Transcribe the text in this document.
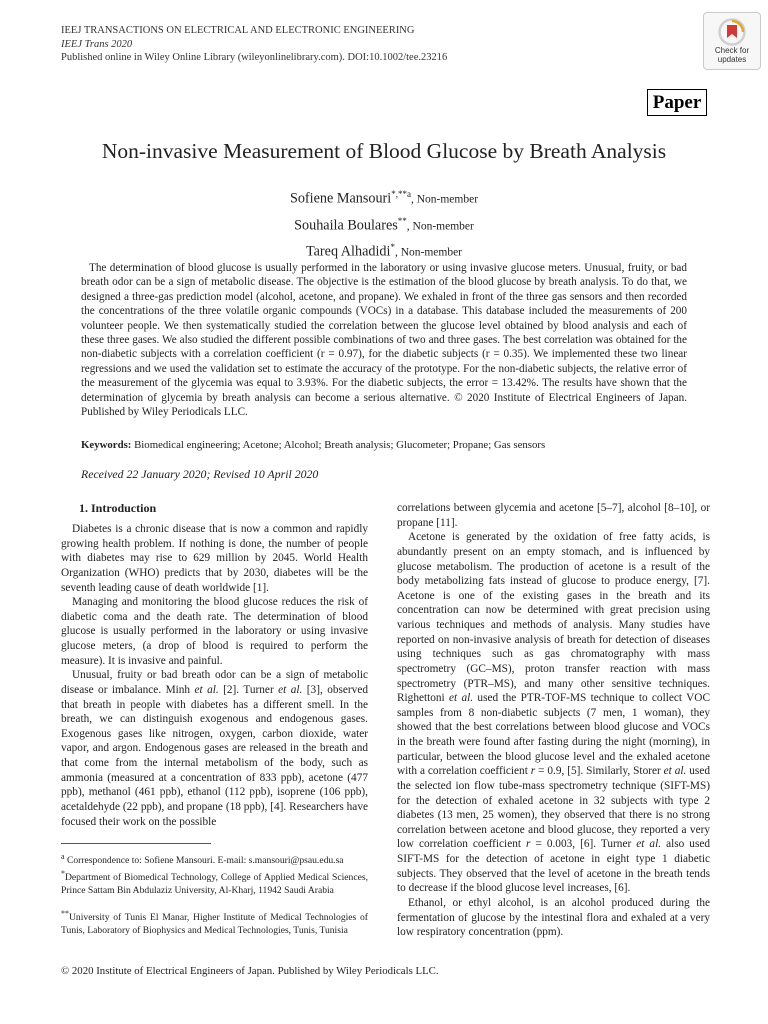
IEEJ TRANSACTIONS ON ELECTRICAL AND ELECTRONIC ENGINEERING
IEEJ Trans 2020
Published online in Wiley Online Library (wileyonlinelibrary.com). DOI:10.1002/tee.23216
Check for
updates
Paper
Non-invasive Measurement of Blood Glucose by Breath Analysis
Sofiene Mansouri$^{*,**a}$, Non-member
Souhaila Boulares**, Non-member
Tareq Alhadidi*, Non-member
The determination of blood glucose is usually performed in the laboratory or using invasive glucose meters. Unusual, fruity, or bad breath odor can be a sign of metabolic disease. The objective is the estimation of the blood glucose by breath analysis. To do that, we designed a three-gas prediction model (alcohol, acetone, and propane). We exhaled in front of the three gas sensors and then recorded the concentrations of the three volatile organic compounds (VOCs) in a database. This database included the measurements of 200 volunteer people. We then systematically studied the correlation between the glucose level obtained by blood analysis and each of these three gases. We also studied the different possible combinations of two and three gases. The best correlation was obtained for the non-diabetic subjects with a correlation coefficient (r = 0.97), for the diabetic subjects (r = 0.35). We implemented these two linear regressions and we used the validation set to estimate the accuracy of the prototype. For the non-diabetic subjects, the relative error of the measurement of the glycemia was equal to 3.93%. For the diabetic subjects, the error = 13.42%. The results have shown that the determination of glycemia by breath analysis can become a serious alternative. © 2020 Institute of Electrical Engineers of Japan. Published by Wiley Periodicals LLC.
Keywords: Biomedical engineering; Acetone; Alcohol; Breath analysis; Glucometer; Propane; Gas sensors
Received 22 January 2020; Revised 10 April 2020

1. Introduction

Diabetes is a chronic disease that is now a common and rapidly growing health problem. If nothing is done, the number of people with diabetes may rise to 629 million by 2045. World Health Organization (WHO) predicts that by 2030, diabetes will be the seventh leading cause of death worldwide [1].

Managing and monitoring the blood glucose reduces the risk of diabetic coma and the death rate. The determination of blood glucose is usually performed in the laboratory or using invasive glucose meters, (a drop of blood is required to perform the measure). It is invasive and painful.

Unusual, fruity or bad breath odor can be a sign of metabolic disease or imbalance. Minh et al. [2]. Turner et al. [3], observed that breath in people with diabetes has a different smell. In the breath, we can distinguish exogenous and endogenous gases. Exogenous gases like nitrogen, oxygen, carbon dioxide, water vapor, and argon. Endogenous gases are released in the breath and that come from the internal metabolism of the body, such as ammonia (measured at a concentration of 833 ppb), acetone (477 ppb), methanol (461 ppb), ethanol (112 ppb), isoprene (106 ppb), acetaldehyde (22 ppb), and propane (18 ppb), [4]. Researchers have focused their work on the possible

correlations between glycemia and acetone [5–7], alcohol [8–10], or propane [11].

Acetone is generated by the oxidation of free fatty acids, is abundantly present on an empty stomach, and is influenced by glucose metabolism. The production of acetone is a result of the body metabolizing fats instead of glucose to produce energy, [7]. Acetone is one of the existing gases in the breath and its concentration can now be determined with great precision using various techniques and methods of analysis. Many studies have reported on non-invasive analysis of breath for detection of diseases using techniques such as gas chromatography with mass spectrometry (GC–MS), proton transfer reaction with mass spectrometry (PTR–MS), and many other sensitive techniques. Righettoni et al. used the PTR-TOF-MS technique to collect VOC samples from 8 non-diabetic subjects (7 men, 1 woman), they showed that the best correlations between blood glucose and VOCs in the breath were found after fasting during the night (morning), in particular, between the blood glucose level and the exhaled acetone with a correlation coefficient r = 0.9, [5]. Similarly, Storer et al. used the selected ion flow tube-mass spectrometry technique (SIFT-MS) for the detection of exhaled acetone in 32 subjects with type 2 diabetes (13 men, 25 women), they observed that there is no strong correlation between acetone and blood glucose, they reported a very low correlation coefficient r = 0.003, [6]. Turner et al. also used SIFT-MS for the detection of acetone in eight type 1 diabetic subjects. They observed that the level of acetone in the breath tends to decrease if the blood glucose level increases, [6].

Ethanol, or ethyl alcohol, is an alcohol produced during the fermentation of glucose by the intestinal flora and exhaled at a very low respiratory concentration (ppm).

$^a$ Correspondence to: Sofiene Mansouri. E-mail: s.mansouri@psau.edu.sa
*Department of Biomedical Technology, College of Applied Medical Sciences, Prince Sattam Bin Abdulaziz University, Al-Kharj, 11942 Saudi Arabia
**University of Tunis El Manar, Higher Institute of Medical Technologies of Tunis, Laboratory of Biophysics and Medical Technologies, Tunis, Tunisia
© 2020 Institute of Electrical Engineers of Japan. Published by Wiley Periodicals LLC.
